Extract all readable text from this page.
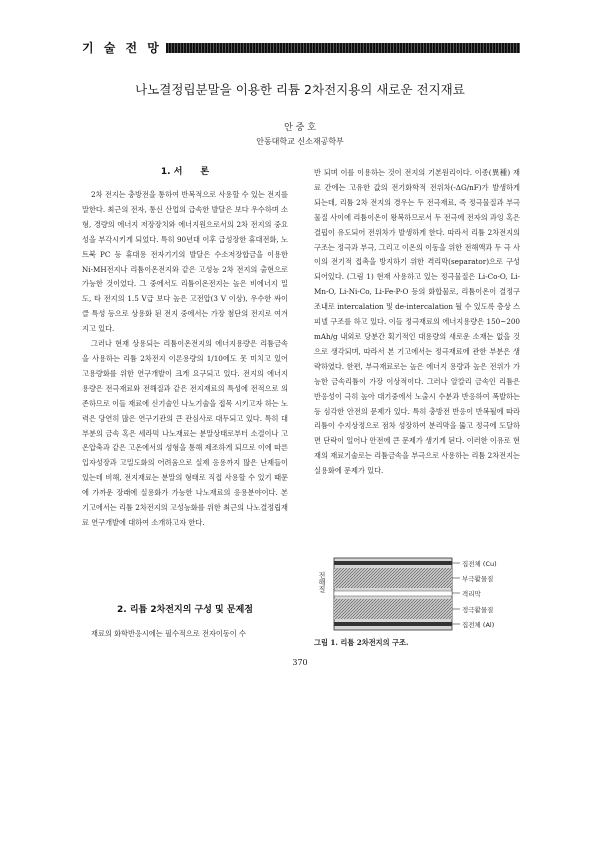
기 술 전 망
나노결정립분말을 이용한 리튬 2차전지용의 새로운 전지재료
안 중 호
안동대학교 신소재공학부
1. 서　　론

2차 전지는 충방전을 통하여 반복적으로 사용할 수 있는 전지를 말한다. 최근의 전자, 통신 산업의 급속한 발달은 보다 우수하며 소형, 경량의 에너지 저장장치와 에너지원으로서의 2차 전지의 중요성을 부각시키게 되었다. 특히 90년대 이후 급성장한 휴대전화, 노트북 PC 등 휴대용 전자기기의 발달은 수소저장합금을 이용한 Ni-MH전지나 리튬이온전지와 같은 고성능 2차 전지의 출현으로 가능한 것이었다. 그 중에서도 리튬이온전지는 높은 비에너지 밀도, 타 전지의 1.5 V급 보다 높은 고전압(3 V 이상), 우수한 싸이클 특성 등으로 상용화 된 전지 중에서는 가장 첨단의 전지로 여겨지고 있다.

그러나 현재 상용되는 리튬이온전지의 에너지용량은 리튬금속을 사용하는 리튬 2차전지 이론용량의 1/10에도 못 미치고 있어 고용량화를 위한 연구개발이 크게 요구되고 있다. 전지의 에너지 용량은 전극재료와 전해질과 같은 전지재료의 특성에 전적으로 의존하므로 이들 재료에 신기술인 나노기술을 접목 시키고자 하는 노력은 당연히 많은 연구기관의 큰 관심사로 대두되고 있다. 특히 대부분의 금속 혹은 세라믹 나노재료는 분말상태로부터 소결이나 고온압축과 같은 고온에서의 성형을 통해 제조하게 되므로 이에 따른 입자성장과 고밀도화의 어려움으로 실제 응용까지 많은 난제들이 있는데 비해, 전지재료는 분말의 형태로 직접 사용할 수 있기 때문에 가까운 장래에 실용화가 가능한 나노재료의 응용분야이다. 본 기고에서는 리튬 2차전지의 고성능화를 위한 최근의 나노결정립재료 연구개발에 대하여 소개하고자 한다.

2. 리튬 2차전지의 구성 및 문제점

재료의 화학반응시에는 필수적으로 전자이동이 수

반 되며 이를 이용하는 것이 전지의 기본원리이다. 이종(異種) 재료 간에는 고유한 값의 전기화학적 전위차(-ΔG/nF)가 발생하게 되는데, 리튬 2차 전지의 경우는 두 전극재료, 즉 정극물질과 부극물질 사이에 리튬이온이 왕복하므로서 두 전극에 전자의 과잉 혹은 결핍이 유도되어 전위차가 발생하게 한다. 따라서 리튬 2차전지의 구조는 정극과 부극, 그리고 이온의 이동을 위한 전해액과 두 극 사이의 전기적 접촉을 방지하기 위한 격리막(separator)으로 구성되어있다. (그림 1) 현재 사용하고 있는 정극물질은 Li-Co-O, Li-Mn-O, Li-Ni-Co, Li-Fe-P-O 등의 화합물로, 리튬이온이 결정구조내로 intercalation 및 de-intercalation 될 수 있도록 층상 스피넬 구조를 하고 있다. 이들 정극재료의 에너지용량은 150~200 mAh/g 내외로 당분간 획기적인 대용량의 새로운 소재는 없을 것으로 생각되며, 따라서 본 기고에서는 정극재료에 관한 부분은 생략하였다. 한편, 부극재료로는 높은 에너지 용량과 높은 전위가 가능한 금속리튬이 가장 이상적이다. 그러나 알칼리 금속인 리튬은 반응성이 극히 높아 대기중에서 노출시 수분과 반응하여 폭발하는 등 심각한 안전의 문제가 있다. 특히 충방전 반응이 반복될에 따라 리튬이 수지상정으로 점차 성장하여 분리막을 뚫고 정극에 도달하면 단락이 일어나 안전에 큰 문제가 생기게 된다. 이러한 이유로 현재의 재료기술로는 리튬금속을 부극으로 사용하는 리튬 2차전지는 실용화에 문제가 있다.

전해질
집전체 (Cu)
부극활물질
격리막
정극활물질
집전체 (Al)
그림 1. 리튬 2차전지의 구조.
370
